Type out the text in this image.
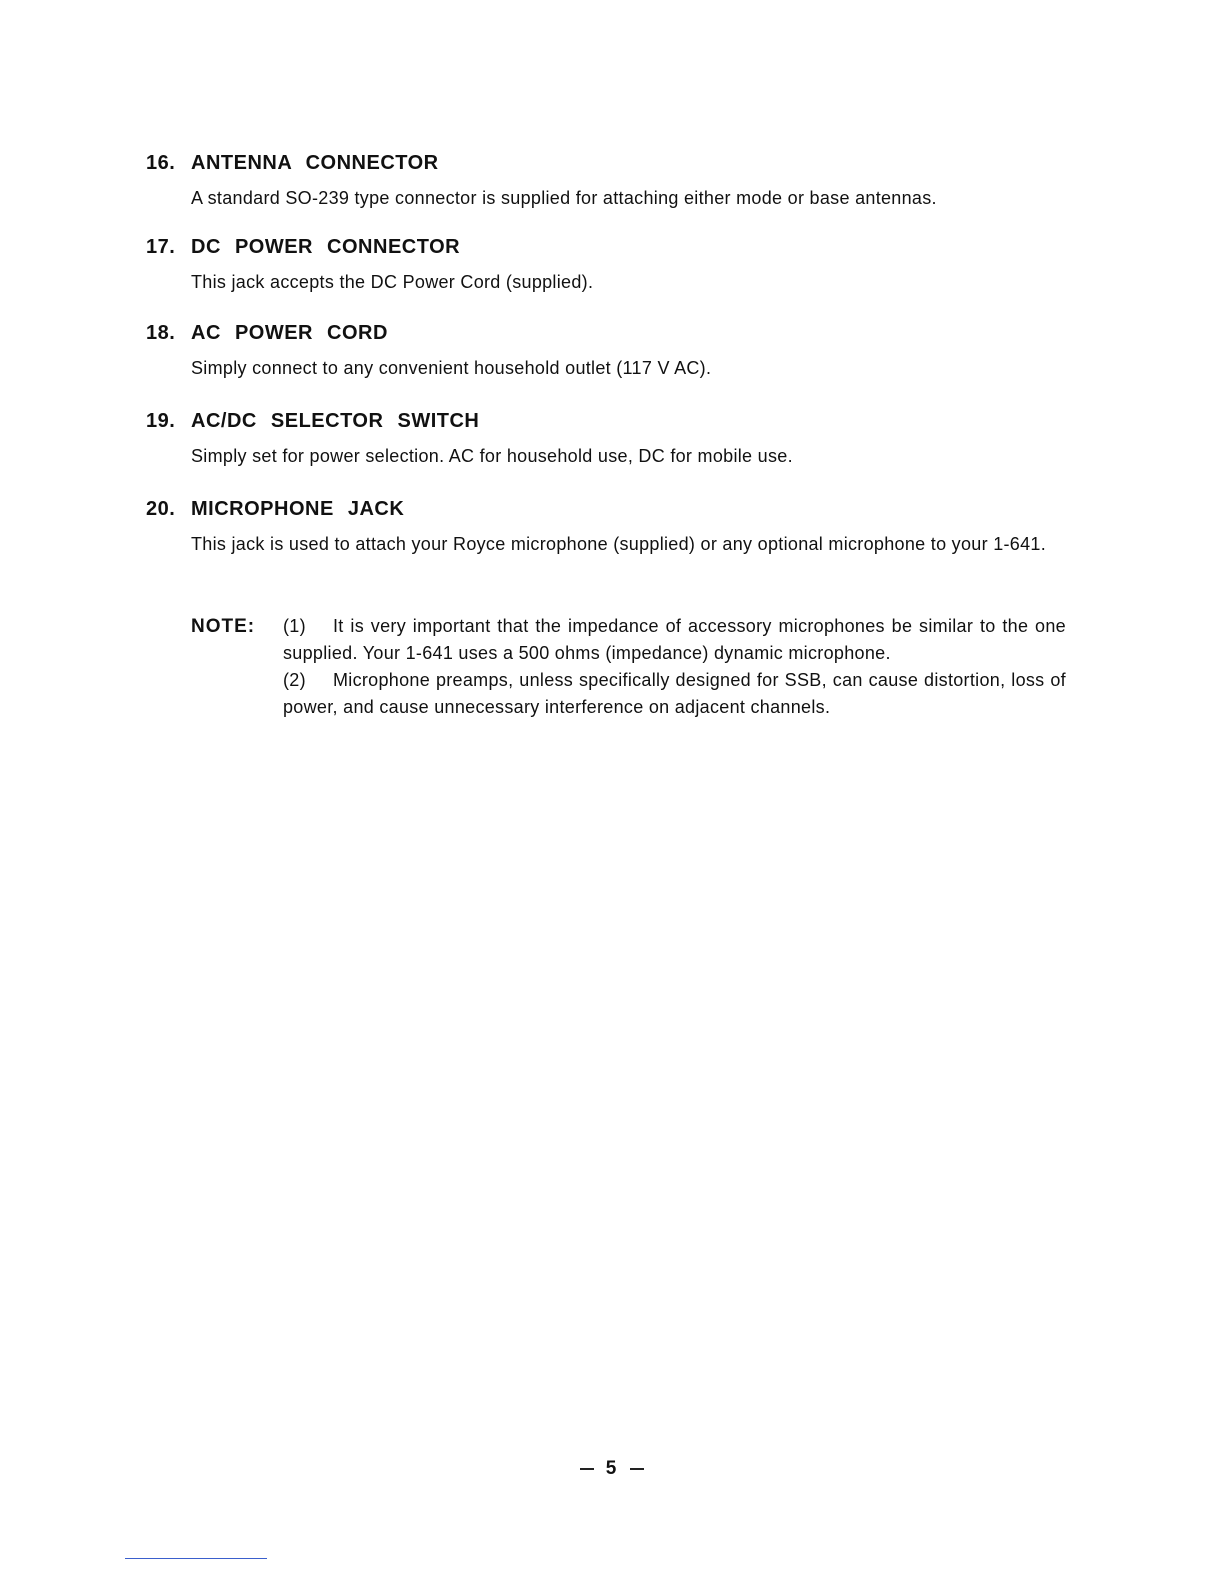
16. ANTENNA CONNECTOR
A standard SO-239 type connector is supplied for attaching either mode or base antennas.
17. DC POWER CONNECTOR
This jack accepts the DC Power Cord (supplied).
18. AC POWER CORD
Simply connect to any convenient household outlet (117 V AC).
19. AC/DC SELECTOR SWITCH
Simply set for power selection. AC for household use, DC for mobile use.
20. MICROPHONE JACK
This jack is used to attach your Royce microphone (supplied) or any optional microphone to your 1-641.
NOTE:	(1) It is very important that the impedance of accessory microphones be similar to the one supplied. Your 1-641 uses a 500 ohms (impedance) dynamic microphone.
(2) Microphone preamps, unless specifically designed for SSB, can cause distortion, loss of power, and cause unnecessary interference on adjacent channels.
5
